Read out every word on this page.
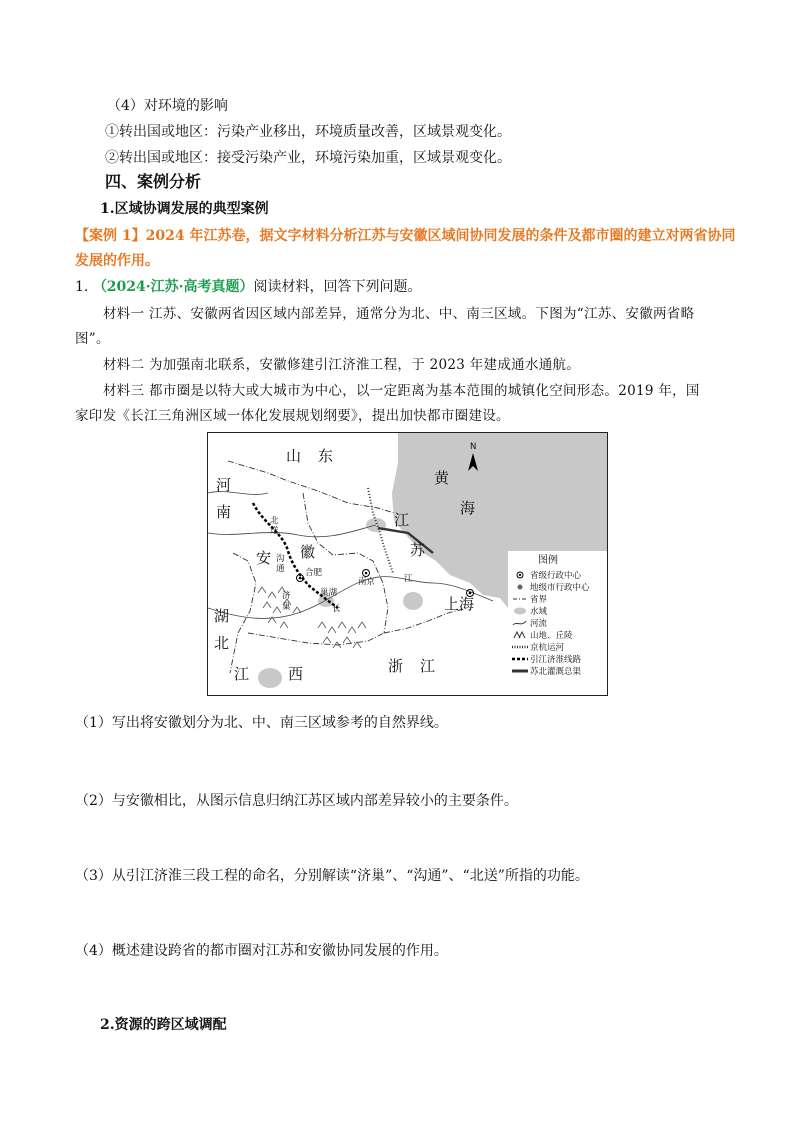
（4）对环境的影响
①转出国或地区：污染产业移出，环境质量改善，区域景观变化。
②转出国或地区：接受污染产业，环境污染加重，区域景观变化。
四、案例分析
1.区域协调发展的典型案例
【案例 1】2024 年江苏卷，据文字材料分析江苏与安徽区域间协同发展的条件及都市圈的建立对两省协同
发展的作用。
1. （2024·江苏·高考真题）阅读材料，回答下列问题。
材料一 江苏、安徽两省因区域内部差异，通常分为北、中、南三区域。下图为“江苏、安徽两省略
图”。
材料二 为加强南北联系，安徽修建引江济淮工程，于 2023 年建成通水通航。
材料三 都市圈是以特大或大城市为中心，以一定距离为基本范围的城镇化空间形态。2019 年，国
家印发《长江三角洲区域一体化发展规划纲要》，提出加快都市圈建设。
山 东
河
南
安 徽
江
苏
湖
北
江	西	浙 江
上海
黄
海
合肥
南京
巢湖
北
送
沟
通
济
巢	长
江
N
图例
省级行政中心
地级市行政中心
省界
水域
河流
山地、丘陵
京杭运河
引江济淮线路
苏北灌溉总渠
（1）写出将安徽划分为北、中、南三区域参考的自然界线。
（2）与安徽相比，从图示信息归纳江苏区域内部差异较小的主要条件。
（3）从引江济淮三段工程的命名，分别解读“济巢”、“沟通”、“北送”所指的功能。
（4）概述建设跨省的都市圈对江苏和安徽协同发展的作用。
2.资源的跨区域调配
